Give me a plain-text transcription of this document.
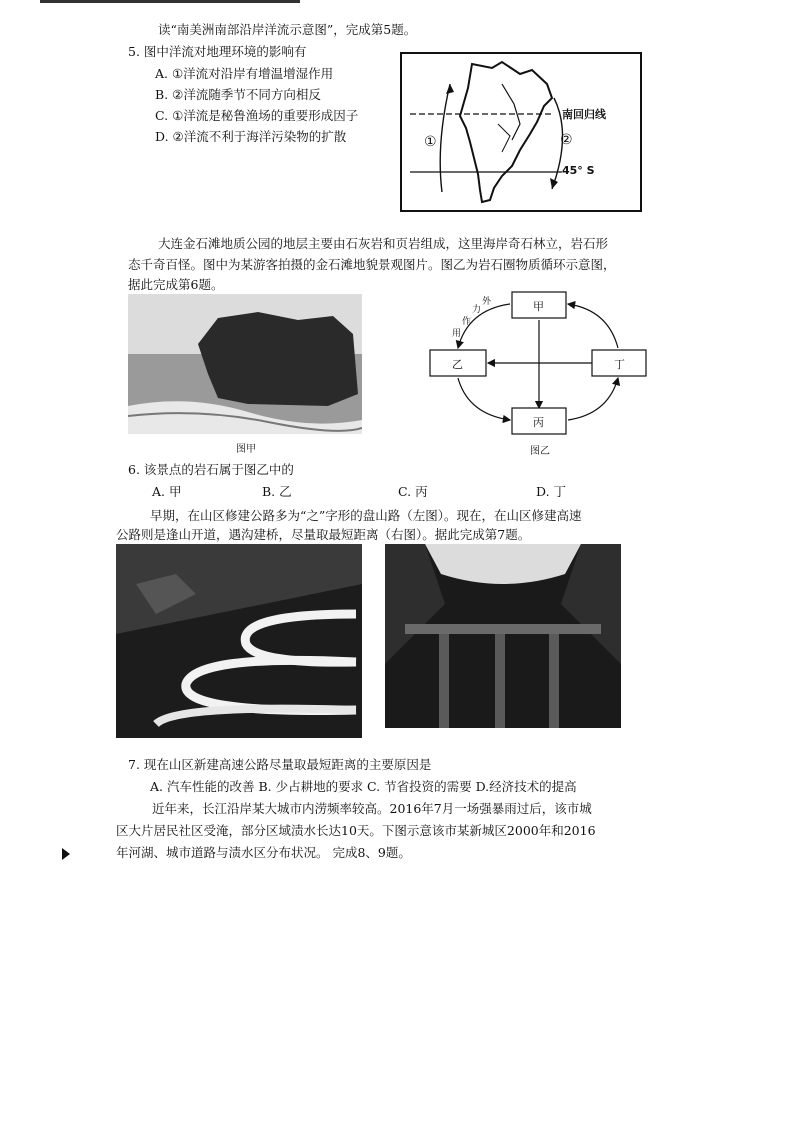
读“南美洲南部沿岸洋流示意图”，完成第5题。
5. 图中洋流对地理环境的影响有
A. ①洋流对沿岸有增温增湿作用
B. ②洋流随季节不同方向相反
C. ①洋流是秘鲁渔场的重要形成因子
D. ②洋流不利于海洋污染物的扩散
南回归线
45° S
①	②
大连金石滩地质公园的地层主要由石灰岩和页岩组成，这里海岸奇石林立，岩石形
态千奇百怪。图中为某游客拍摄的金石滩地貌景观图片。图乙为岩石圈物质循环示意图，
据此完成第6题。
图甲
甲
乙	丁
丙
外
力
作
用
图乙
6. 该景点的岩石属于图乙中的
A. 甲	B. 乙	C. 丙	D. 丁
早期，在山区修建公路多为“之”字形的盘山路（左图）。现在，在山区修建高速
公路则是逢山开道，遇沟建桥，尽量取最短距离（右图）。据此完成第7题。
7. 现在山区新建高速公路尽量取最短距离的主要原因是
A. 汽车性能的改善 B. 少占耕地的要求 C. 节省投资的需要 D.经济技术的提高
近年来，长江沿岸某大城市内涝频率较高。2016年7月一场强暴雨过后，该市城
区大片居民社区受淹，部分区域渍水长达10天。下图示意该市某新城区2000年和2016
年河湖、城市道路与渍水区分布状况。 完成8、9题。
